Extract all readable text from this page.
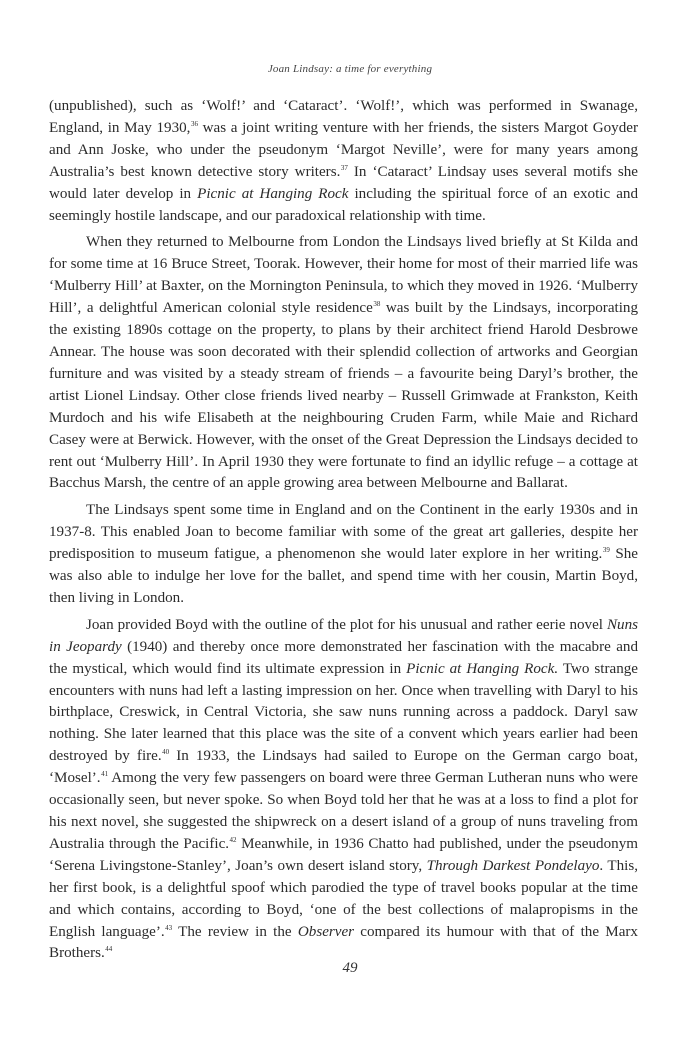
Joan Lindsay: a time for everything

(unpublished), such as ‘Wolf!’ and ‘Cataract’. ‘Wolf!’, which was performed in Swanage, England, in May 1930,36 was a joint writing venture with her friends, the sisters Margot Goyder and Ann Joske, who under the pseudonym ‘Margot Neville’, were for many years among Australia’s best known detective story writers.$^{37}$ In ‘Cataract’ Lindsay uses several motifs she would later develop in Picnic at Hanging Rock including the spiritual force of an exotic and seemingly hostile landscape, and our paradoxical relationship with time.

When they returned to Melbourne from London the Lindsays lived briefly at St Kilda and for some time at 16 Bruce Street, Toorak. However, their home for most of their married life was ‘Mulberry Hill’ at Baxter, on the Mornington Peninsula, to which they moved in 1926. ‘Mulberry Hill’, a delightful American colonial style residence$^{38}$ was built by the Lindsays, incorporating the existing 1890s cottage on the property, to plans by their architect friend Harold Desbrowe Annear. The house was soon decorated with their splendid collection of artworks and Georgian furniture and was visited by a steady stream of friends – a favourite being Daryl’s brother, the artist Lionel Lindsay. Other close friends lived nearby – Russell Grimwade at Frankston, Keith Murdoch and his wife Elisabeth at the neighbouring Cruden Farm, while Maie and Richard Casey were at Berwick. However, with the onset of the Great Depression the Lindsays decided to rent out ‘Mulberry Hill’. In April 1930 they were fortunate to find an idyllic refuge – a cottage at Bacchus Marsh, the centre of an apple growing area between Melbourne and Ballarat.

The Lindsays spent some time in England and on the Continent in the early 1930s and in 1937-8. This enabled Joan to become familiar with some of the great art galleries, despite her predisposition to museum fatigue, a phenomenon she would later explore in her writing.$^{39}$ She was also able to indulge her love for the ballet, and spend time with her cousin, Martin Boyd, then living in London.

Joan provided Boyd with the outline of the plot for his unusual and rather eerie novel Nuns in Jeopardy (1940) and thereby once more demonstrated her fascination with the macabre and the mystical, which would find its ultimate expression in Picnic at Hanging Rock. Two strange encounters with nuns had left a lasting impression on her. Once when travelling with Daryl to his birthplace, Creswick, in Central Victoria, she saw nuns running across a paddock. Daryl saw nothing. She later learned that this place was the site of a convent which years earlier had been destroyed by fire.$^{40}$ In 1933, the Lindsays had sailed to Europe on the German cargo boat, ‘Mosel’.$^{41}$ Among the very few passengers on board were three German Lutheran nuns who were occasionally seen, but never spoke. So when Boyd told her that he was at a loss to find a plot for his next novel, she suggested the shipwreck on a desert island of a group of nuns traveling from Australia through the Pacific.$^{42}$ Meanwhile, in 1936 Chatto had published, under the pseudonym ‘Serena Livingstone-Stanley’, Joan’s own desert island story, Through Darkest Pondelayo. This, her first book, is a delightful spoof which parodied the type of travel books popular at the time and which contains, according to Boyd, ‘one of the best collections of malapropisms in the English language’.$^{43}$ The review in the Observer compared its humour with that of the Marx Brothers.$^{44}$

49
